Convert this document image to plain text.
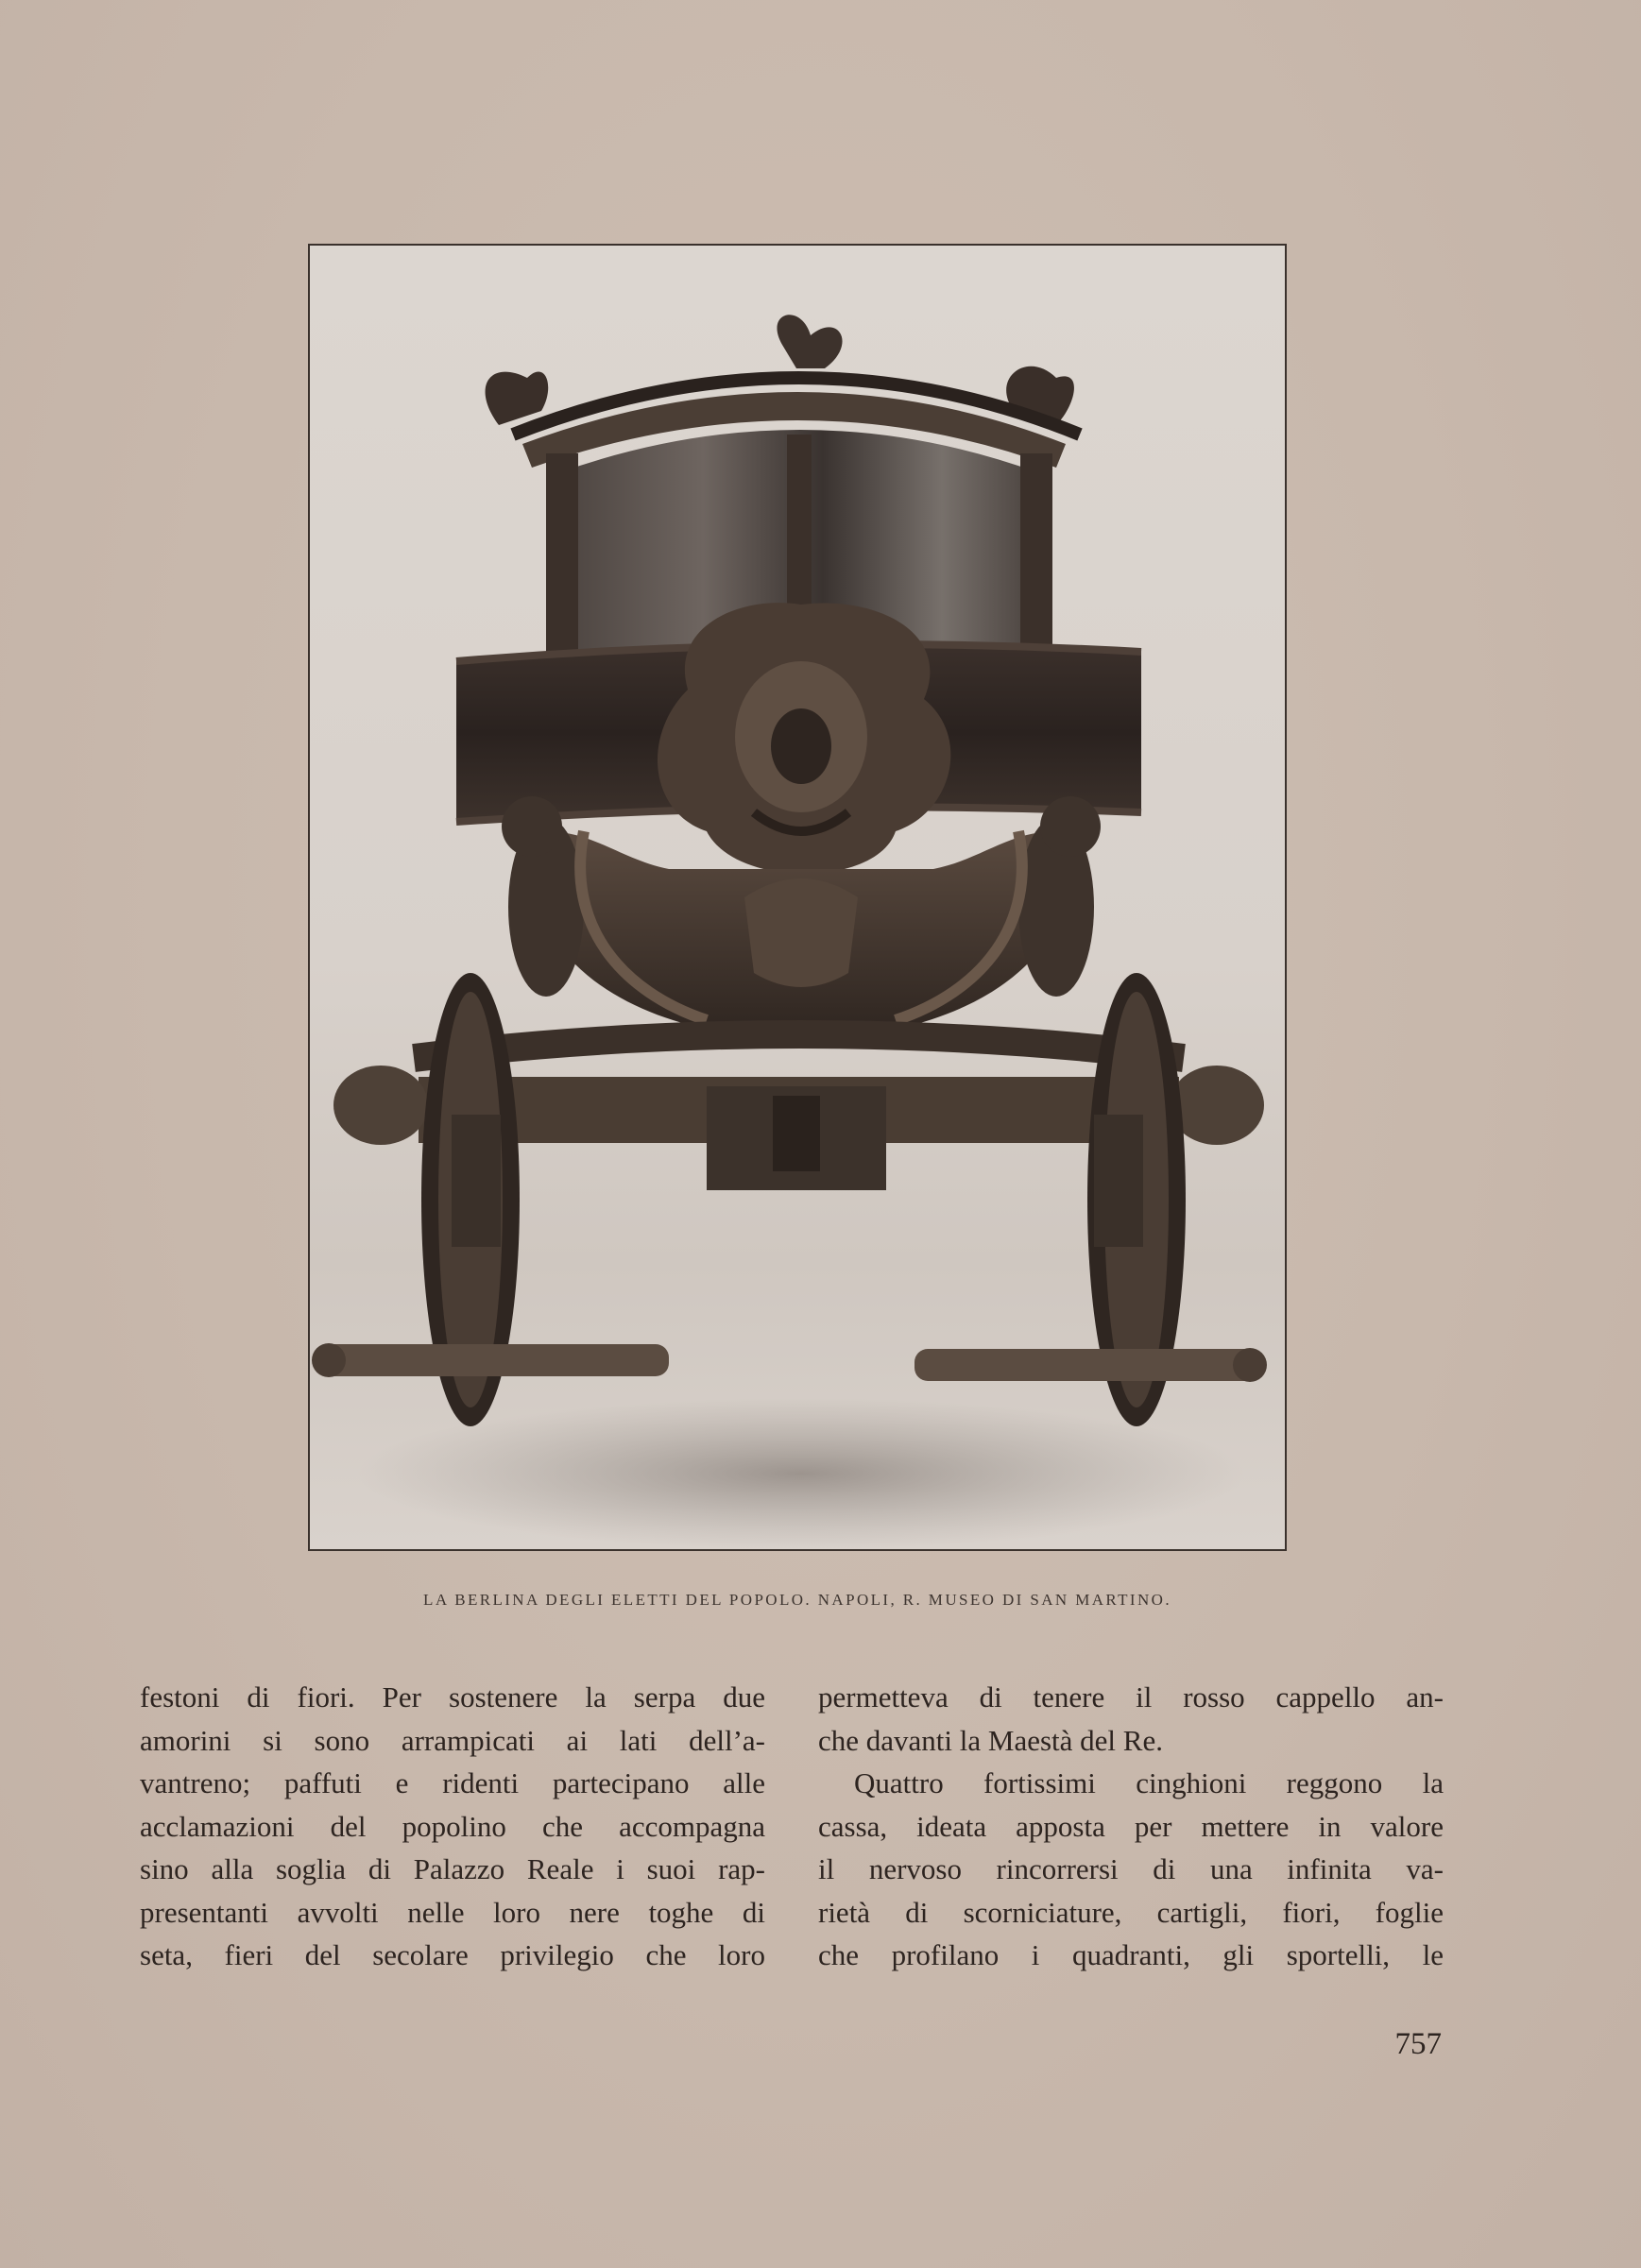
LA BERLINA DEGLI ELETTI DEL POPOLO. NAPOLI, R. MUSEO DI SAN MARTINO.
festoni di fiori. Per sostenere la serpa due
amorini si sono arrampicati ai lati dell’a-
vantreno; paffuti e ridenti partecipano alle
acclamazioni del popolino che accompagna
sino alla soglia di Palazzo Reale i suoi rap-
presentanti avvolti nelle loro nere toghe di
seta, fieri del secolare privilegio che loro
permetteva di tenere il rosso cappello an-
che davanti la Maestà del Re.
Quattro fortissimi cinghioni reggono la
cassa, ideata apposta per mettere in valore
il nervoso rincorrersi di una infinita va-
rietà di scorniciature, cartigli, fiori, foglie
che profilano i quadranti, gli sportelli, le
757
